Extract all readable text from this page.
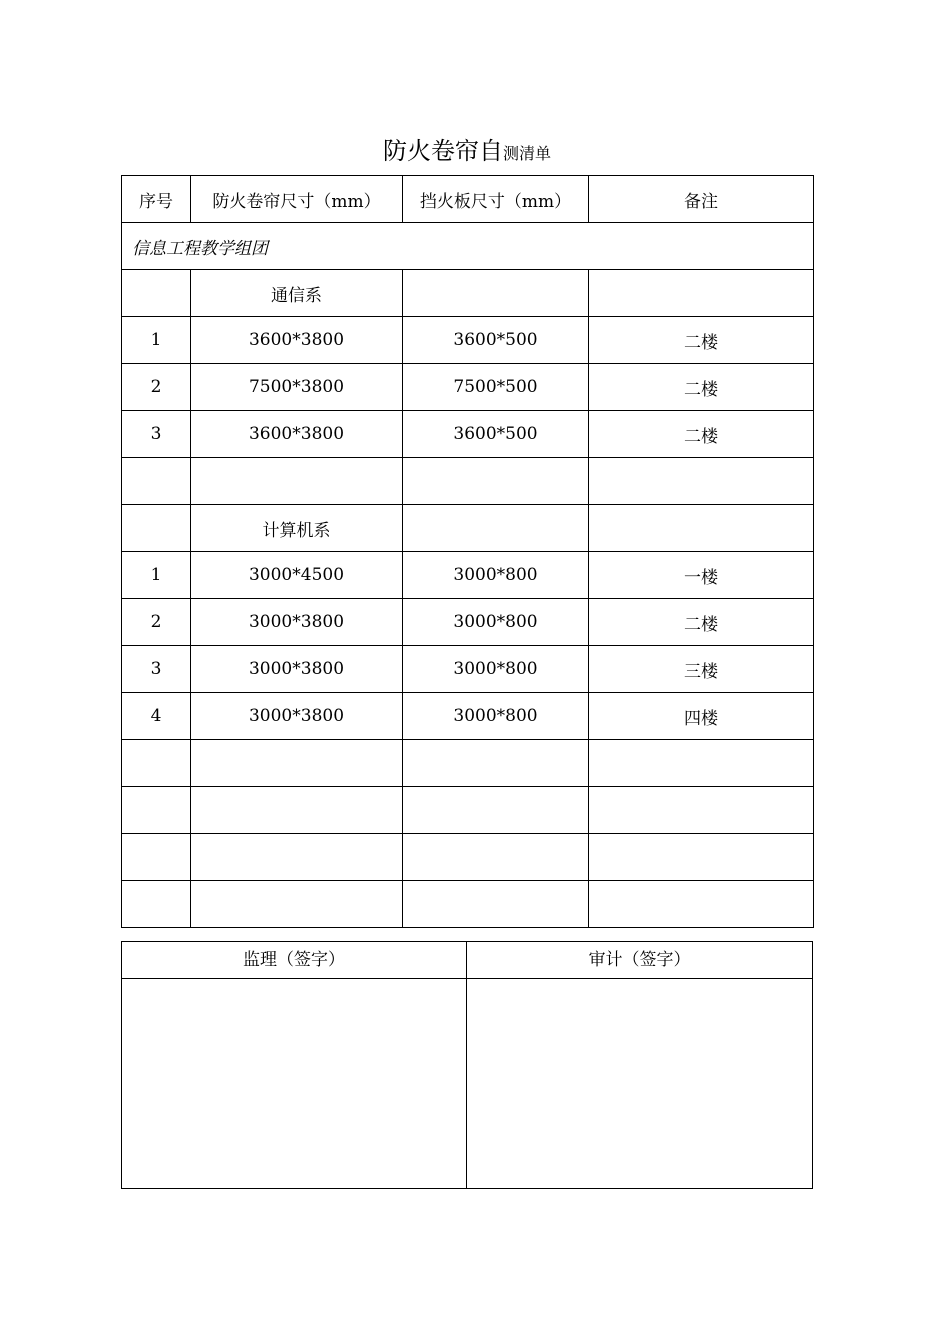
防火卷帘自测清单
序号	防火卷帘尺寸（mm）	挡火板尺寸（mm）	备注
信息工程教学组团			
	通信系		
1	3600*3800	3600*500	二楼
2	7500*3800	7500*500	二楼
3	3600*3800	3600*500	二楼

	计算机系		
1	3000*4500	3000*800	一楼
2	3000*3800	3000*800	二楼
3	3000*3800	3000*800	三楼
4	3000*3800	3000*800	四楼

监理（签字）	审计（签字）
